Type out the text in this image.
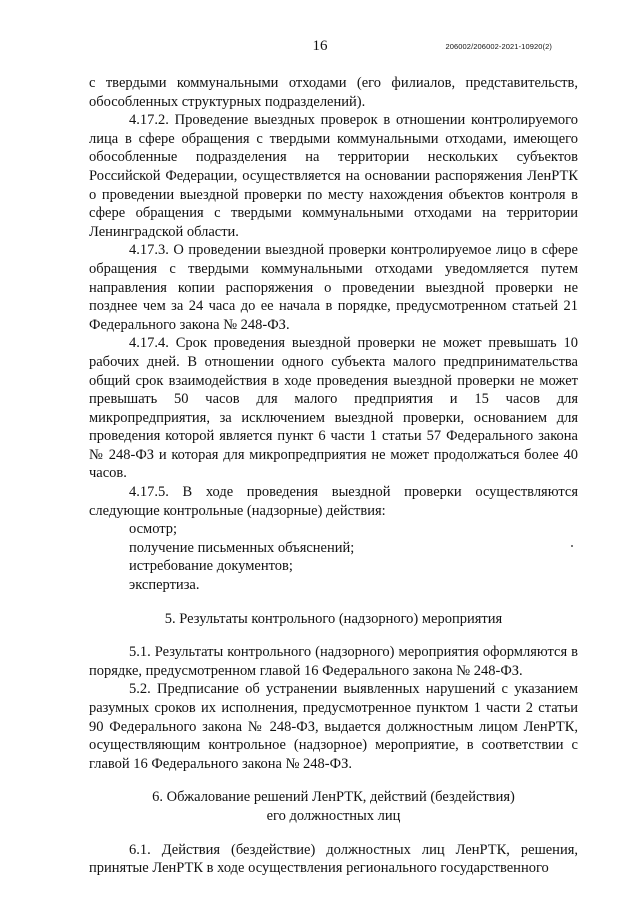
16	206002/206002-2021-10920(2)

с твердыми коммунальными отходами (его филиалов, представительств, обособленных структурных подразделений).

4.17.2. Проведение выездных проверок в отношении контролируемого лица в сфере обращения с твердыми коммунальными отходами, имеющего обособленные подразделения на территории нескольких субъектов Российской Федерации, осуществляется на основании распоряжения ЛенРТК о проведении выездной проверки по месту нахождения объектов контроля в сфере обращения с твердыми коммунальными отходами на территории Ленинградской области.

4.17.3. О проведении выездной проверки контролируемое лицо в сфере обращения с твердыми коммунальными отходами уведомляется путем направления копии распоряжения о проведении выездной проверки не позднее чем за 24 часа до ее начала в порядке, предусмотренном статьей 21 Федерального закона № 248-ФЗ.

4.17.4. Срок проведения выездной проверки не может превышать 10 рабочих дней. В отношении одного субъекта малого предпринимательства общий срок взаимодействия в ходе проведения выездной проверки не может превышать 50 часов для малого предприятия и 15 часов для микропредприятия, за исключением выездной проверки, основанием для проведения которой является пункт 6 части 1 статьи 57 Федерального закона № 248-ФЗ и которая для микропредприятия не может продолжаться более 40 часов.

4.17.5. В ходе проведения выездной проверки осуществляются следующие контрольные (надзорные) действия:

осмотр;
получение письменных объяснений;
истребование документов;
экспертиза.
5. Результаты контрольного (надзорного) мероприятия

5.1. Результаты контрольного (надзорного) мероприятия оформляются в порядке, предусмотренном главой 16 Федерального закона № 248-ФЗ.

5.2. Предписание об устранении выявленных нарушений с указанием разумных сроков их исполнения, предусмотренное пунктом 1 части 2 статьи 90 Федерального закона № 248-ФЗ, выдается должностным лицом ЛенРТК, осуществляющим контрольное (надзорное) мероприятие, в соответствии с главой 16 Федерального закона № 248-ФЗ.

6. Обжалование решений ЛенРТК, действий (бездействия)
его должностных лиц

6.1. Действия (бездействие) должностных лиц ЛенРТК, решения, принятые ЛенРТК в ходе осуществления регионального государственного
